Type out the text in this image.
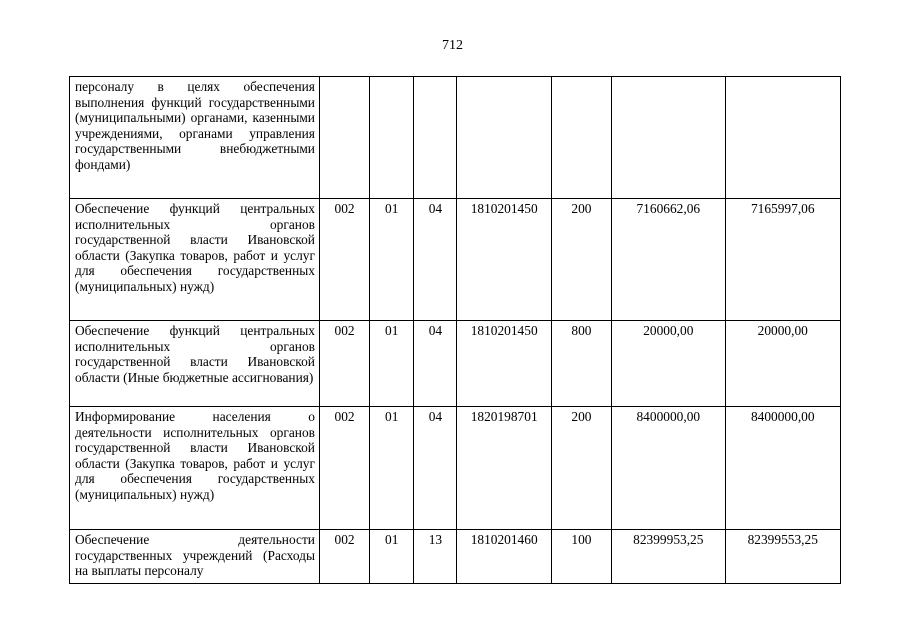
712
персоналу в целях обеспечения выполнения функций государственными (муниципальными) органами, казенными учреждениями, органами управления государственными внебюджетными фондами)							
Обеспечение функций центральных исполнительных органов государственной власти Ивановской области (Закупка товаров, работ и услуг для обеспечения государственных (муниципальных) нужд)	002	01	04	1810201450	200	7160662,06	7165997,06
Обеспечение функций центральных исполнительных органов государственной власти Ивановской области (Иные бюджетные ассигнования)	002	01	04	1810201450	800	20000,00	20000,00
Информирование населения о деятельности исполнительных органов государственной власти Ивановской области (Закупка товаров, работ и услуг для обеспечения государственных (муниципальных) нужд)	002	01	04	1820198701	200	8400000,00	8400000,00
Обеспечение деятельности государственных учреждений (Расходы на выплаты персоналу	002	01	13	1810201460	100	82399953,25	82399553,25
